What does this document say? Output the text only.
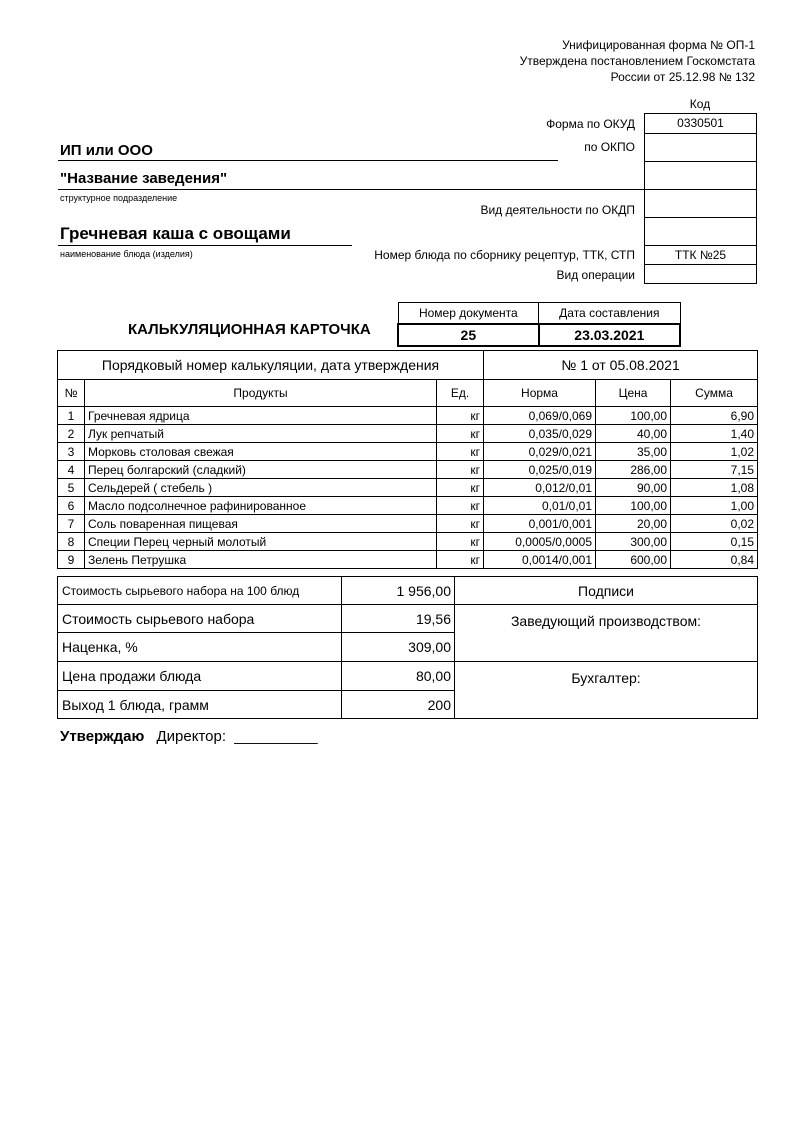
Унифицированная форма № ОП-1
Утверждена постановлением Госкомстата
России от 25.12.98 № 132
Код
Форма по ОКУД	0330501
по ОКПО
Вид деятельности по ОКДП
Номер блюда по сборнику рецептур, ТТК, СТП	ТТК №25
Вид операции
ИП или ООО
"Название заведения"
структурное подразделение
Гречневая каша с овощами
наименование блюда (изделия)
КАЛЬКУЛЯЦИОННАЯ КАРТОЧКА
Номер документа	Дата составления
25	23.03.2021
Порядковый номер калькуляции, дата утверждения			№ 1 от 05.08.2021		
№	Продукты	Ед.	Норма	Цена	Сумма
1	Гречневая ядрица	кг	0,069/0,069	100,00	6,90
2	Лук репчатый	кг	0,035/0,029	40,00	1,40
3	Морковь столовая свежая	кг	0,029/0,021	35,00	1,02
4	Перец болгарский (сладкий)	кг	0,025/0,019	286,00	7,15
5	Сельдерей ( стебель )	кг	0,012/0,01	90,00	1,08
6	Масло подсолнечное рафинированное	кг	0,01/0,01	100,00	1,00
7	Соль поваренная пищевая	кг	0,001/0,001	20,00	0,02
8	Специи Перец черный молотый	кг	0,0005/0,0005	300,00	0,15
9	Зелень Петрушка	кг	0,0014/0,001	600,00	0,84
Стоимость сырьевого набора на 100 блюд	1 956,00	Подписи
Стоимость сырьевого набора	19,56	Заведующий производством:
Наценка, %	309,00	
Цена продажи блюда	80,00	Бухгалтер:
Выход 1 блюда, грамм	200	
Утверждаю Директор: __________
